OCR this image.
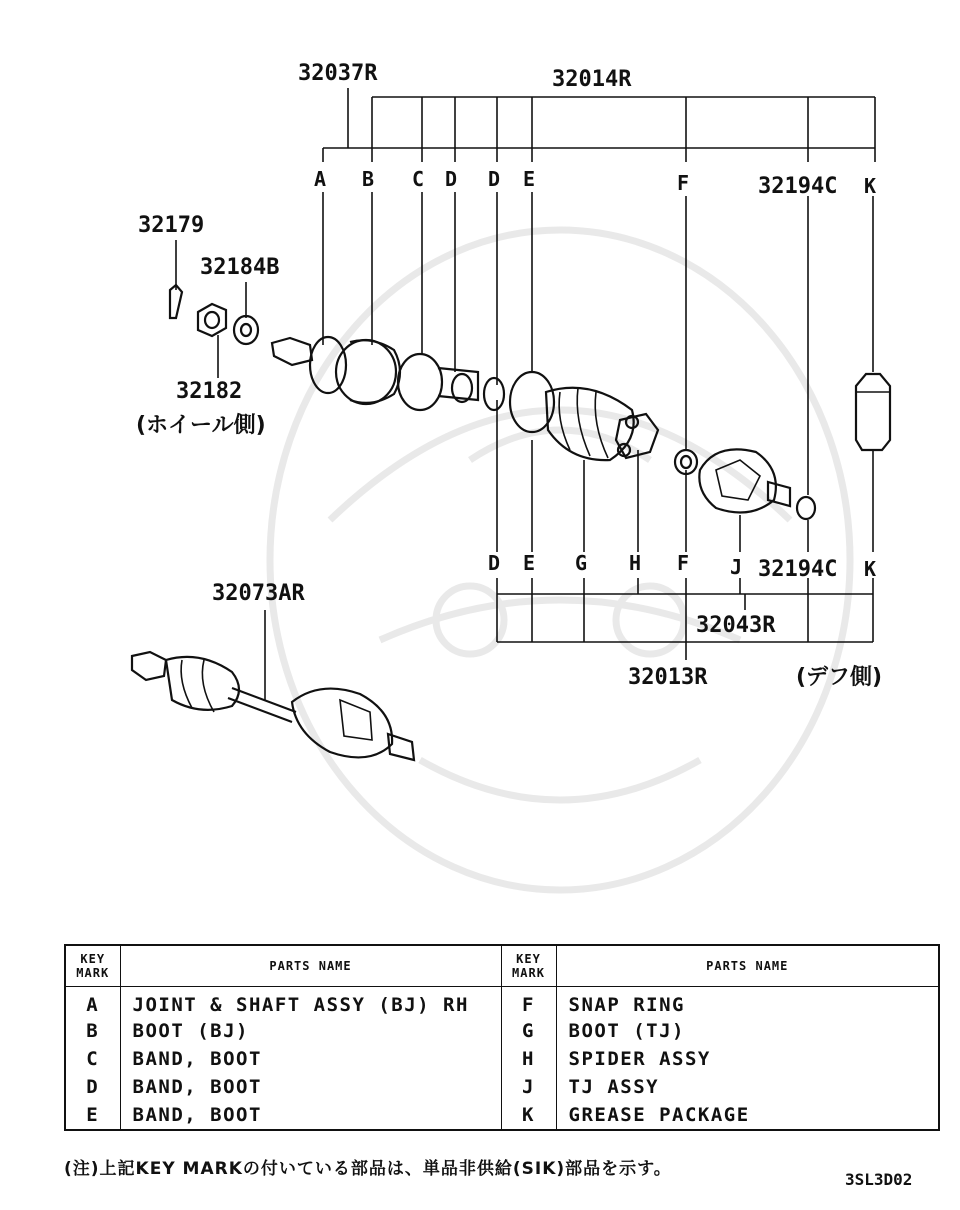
32037R	32014R
32179
32184B
32182
(ホイール側)
A B C D D E	F	32194C K
D E G H F J 32194C K
32073AR
32043R
32013R	(デフ側)
KEY MARK	PARTS NAME	KEY MARK	PARTS NAME
A	JOINT & SHAFT ASSY (BJ) RH	F	SNAP RING
B	BOOT (BJ)	G	BOOT (TJ)
C	BAND, BOOT	H	SPIDER ASSY
D	BAND, BOOT	J	TJ ASSY
E	BAND, BOOT	K	GREASE PACKAGE
(注)上記KEY MARKの付いている部品は、単品非供給(SIK)部品を示す。
3SL3D02
